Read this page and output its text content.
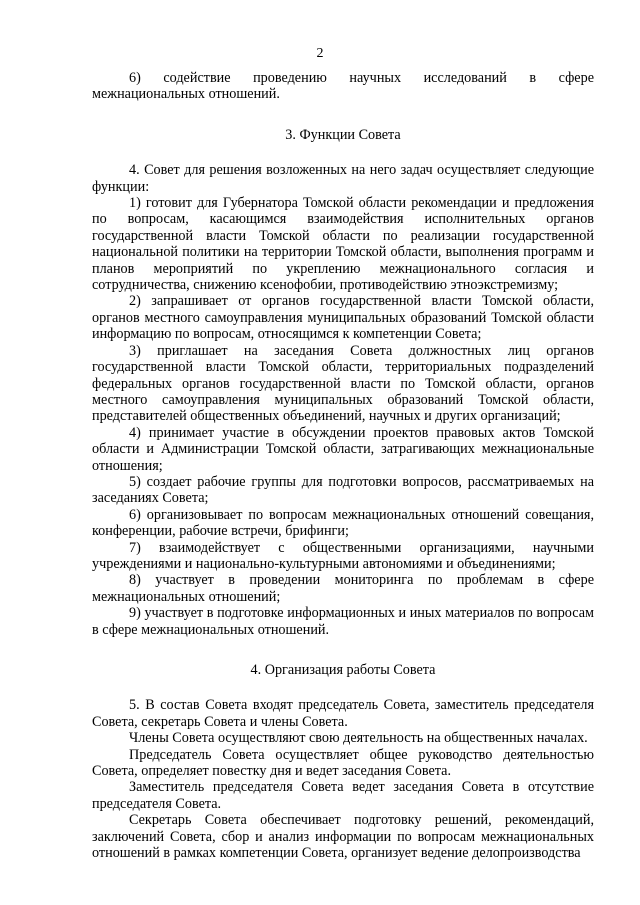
2

6) содействие проведению научных исследований в сфере межнациональных отношений.

3. Функции Совета

4. Совет для решения возложенных на него задач осуществляет следующие функции:

1) готовит для Губернатора Томской области рекомендации и предложения по вопросам, касающимся взаимодействия исполнительных органов государственной власти Томской области по реализации государственной национальной политики на территории Томской области, выполнения программ и планов мероприятий по укреплению межнационального согласия и сотрудничества, снижению ксенофобии, противодействию этноэкстремизму;

2) запрашивает от органов государственной власти Томской области, органов местного самоуправления муниципальных образований Томской области информацию по вопросам, относящимся к компетенции Совета;

3) приглашает на заседания Совета должностных лиц органов государственной власти Томской области, территориальных подразделений федеральных органов государственной власти по Томской области, органов местного самоуправления муниципальных образований Томской области, представителей общественных объединений, научных и других организаций;

4) принимает участие в обсуждении проектов правовых актов Томской области и Администрации Томской области, затрагивающих межнациональные отношения;

5) создает рабочие группы для подготовки вопросов, рассматриваемых на заседаниях Совета;

6) организовывает по вопросам межнациональных отношений совещания, конференции, рабочие встречи, брифинги;

7) взаимодействует с общественными организациями, научными учреждениями и национально-культурными автономиями и объединениями;

8) участвует в проведении мониторинга по проблемам в сфере межнациональных отношений;

9) участвует в подготовке информационных и иных материалов по вопросам в сфере межнациональных отношений.

4. Организация работы Совета

5. В состав Совета входят председатель Совета, заместитель председателя Совета, секретарь Совета и члены Совета.

Члены Совета осуществляют свою деятельность на общественных началах.

Председатель Совета осуществляет общее руководство деятельностью Совета, определяет повестку дня и ведет заседания Совета.

Заместитель председателя Совета ведет заседания Совета в отсутствие председателя Совета.

Секретарь Совета обеспечивает подготовку решений, рекомендаций, заключений Совета, сбор и анализ информации по вопросам межнациональных отношений в рамках компетенции Совета, организует ведение делопроизводства
